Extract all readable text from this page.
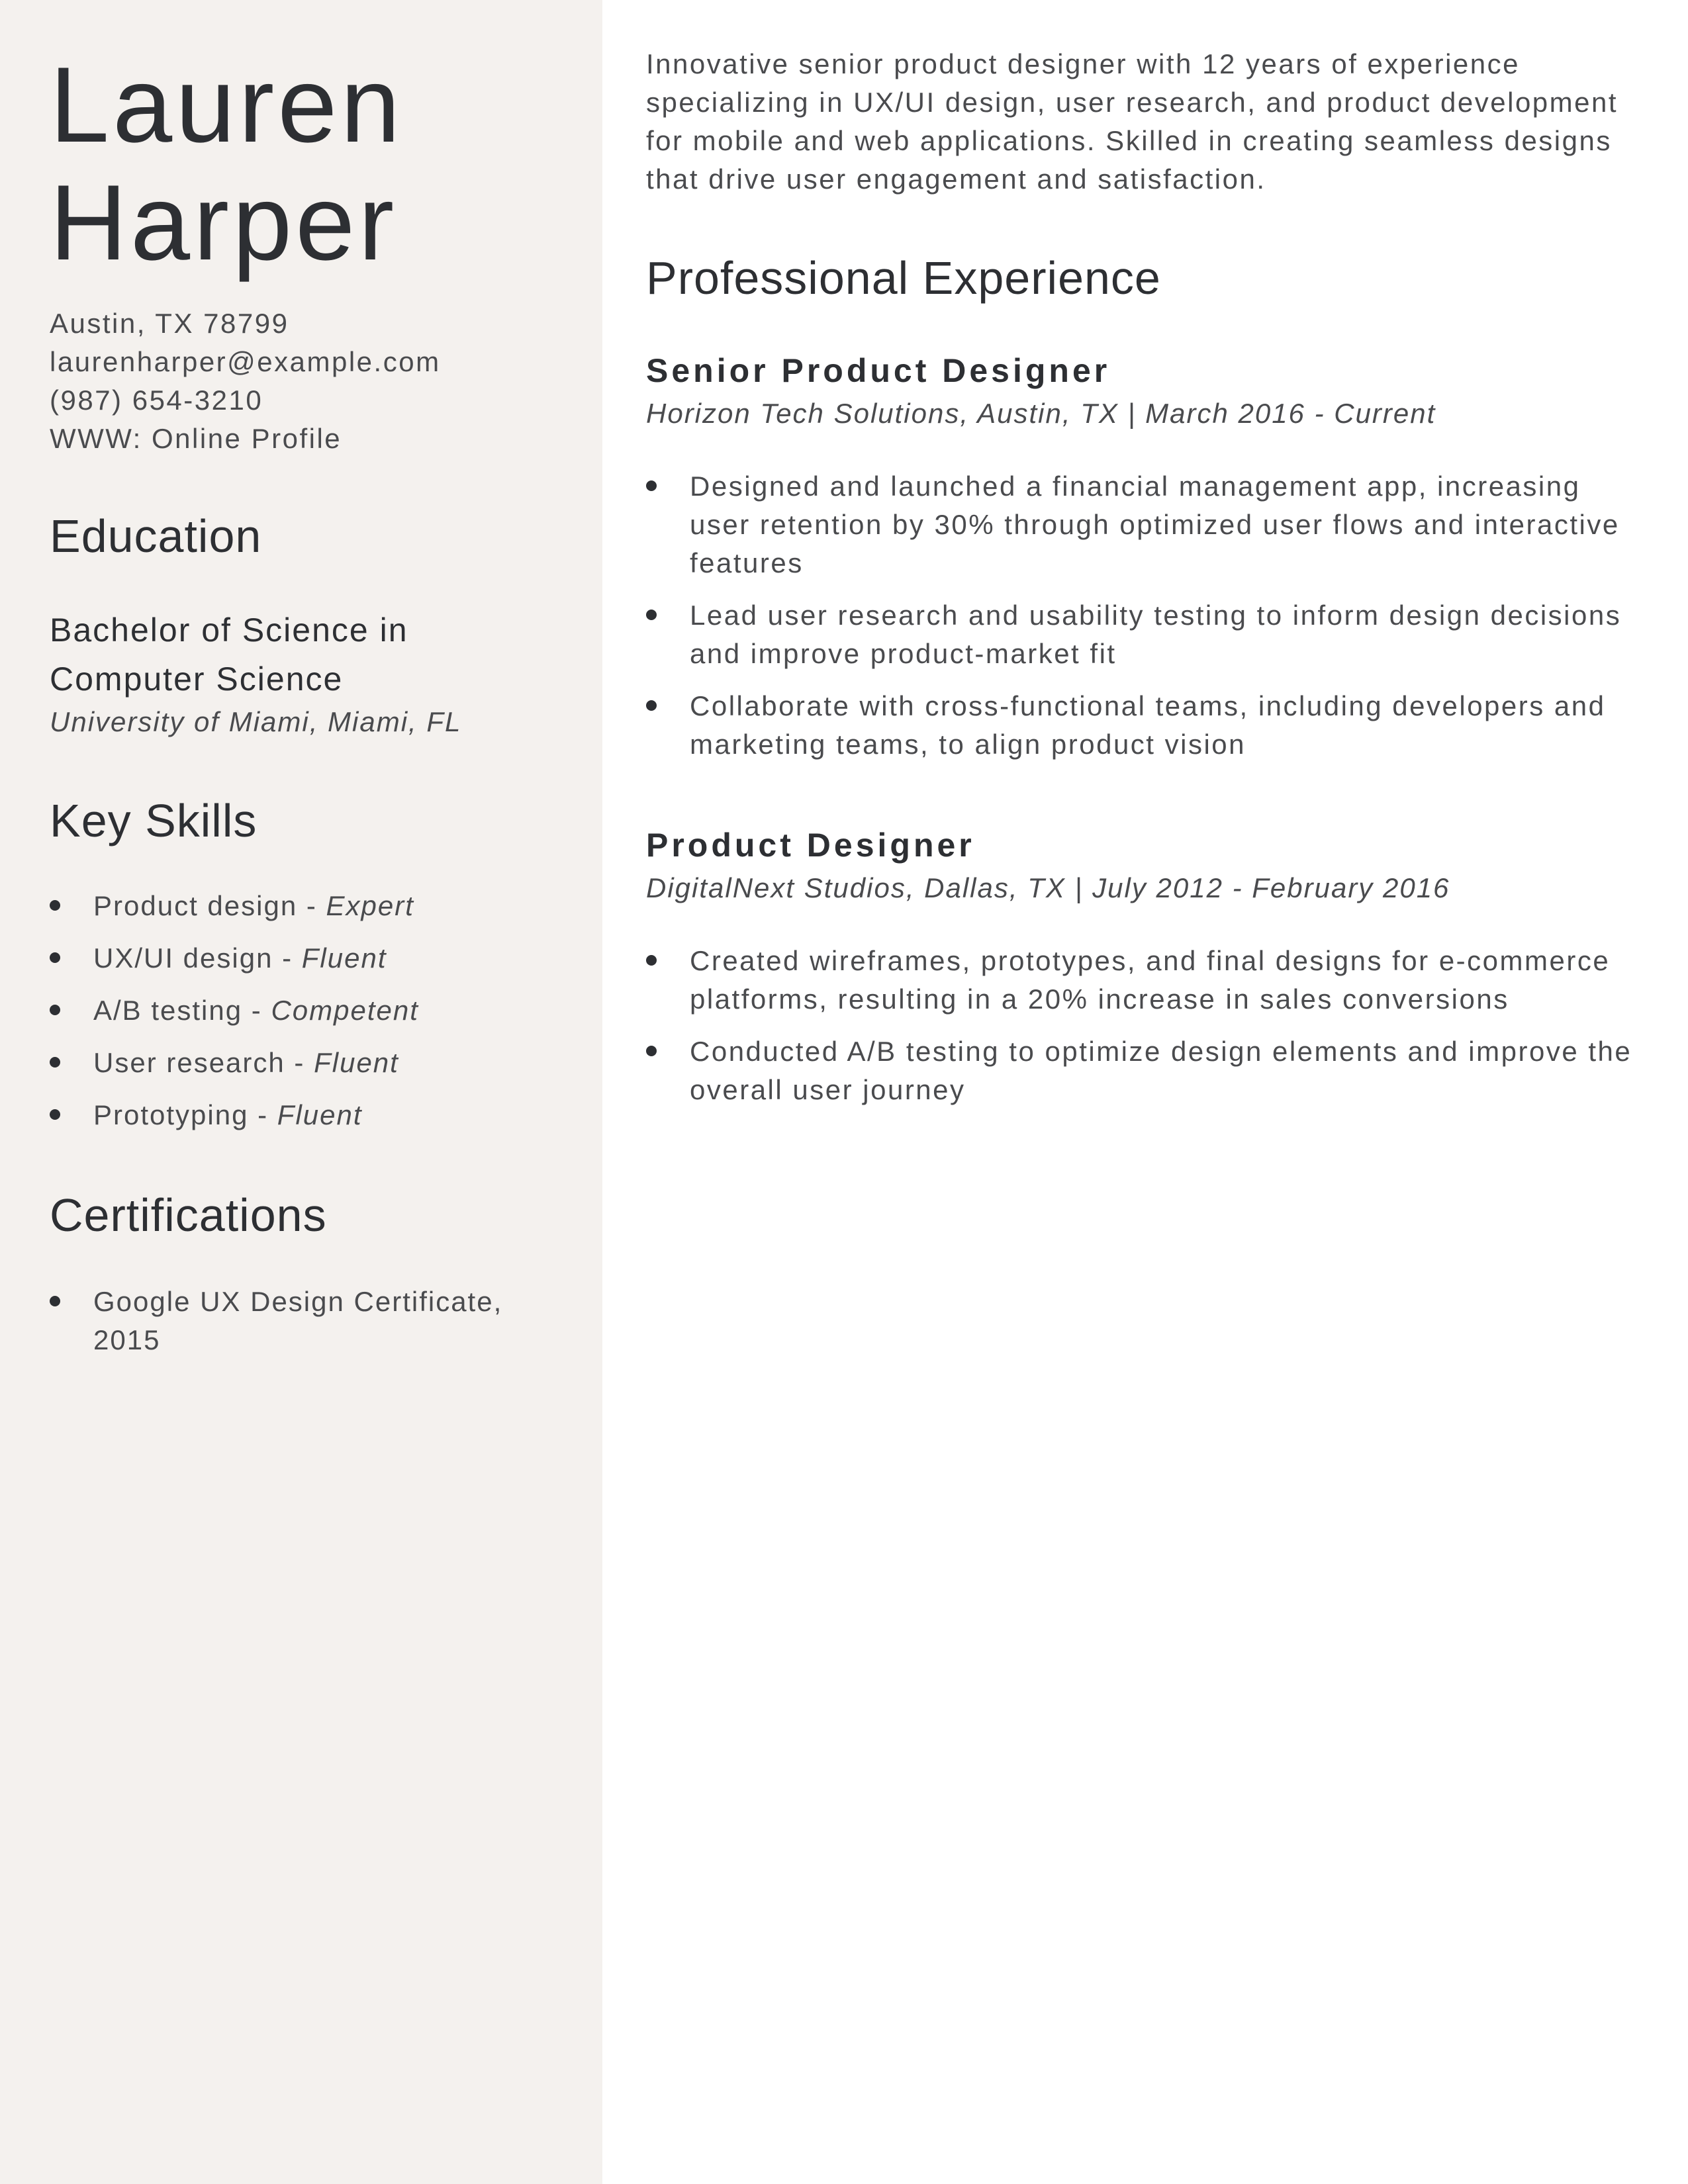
Lauren
Harper
Austin, TX 78799
laurenharper@example.com
(987) 654-3210
WWW: Online Profile
Education
Bachelor of Science in
Computer Science
University of Miami, Miami, FL
Key Skills
Product design - Expert
UX/UI design - Fluent
A/B testing - Competent
User research - Fluent
Prototyping - Fluent
Certifications
Google UX Design Certificate, 2015

Innovative senior product designer with 12 years of experience specializing in UX/UI design, user research, and product development for mobile and web applications. Skilled in creating seamless designs that drive user engagement and satisfaction.

Professional Experience
Senior Product Designer
Horizon Tech Solutions, Austin, TX | March 2016 - Current
Designed and launched a financial management app, increasing user retention by 30% through optimized user flows and interactive features
Lead user research and usability testing to inform design decisions and improve product-market fit
Collaborate with cross-functional teams, including developers and marketing teams, to align product vision
Product Designer
DigitalNext Studios, Dallas, TX | July 2012 - February 2016
Created wireframes, prototypes, and final designs for e-commerce platforms, resulting in a 20% increase in sales conversions
Conducted A/B testing to optimize design elements and improve the overall user journey
